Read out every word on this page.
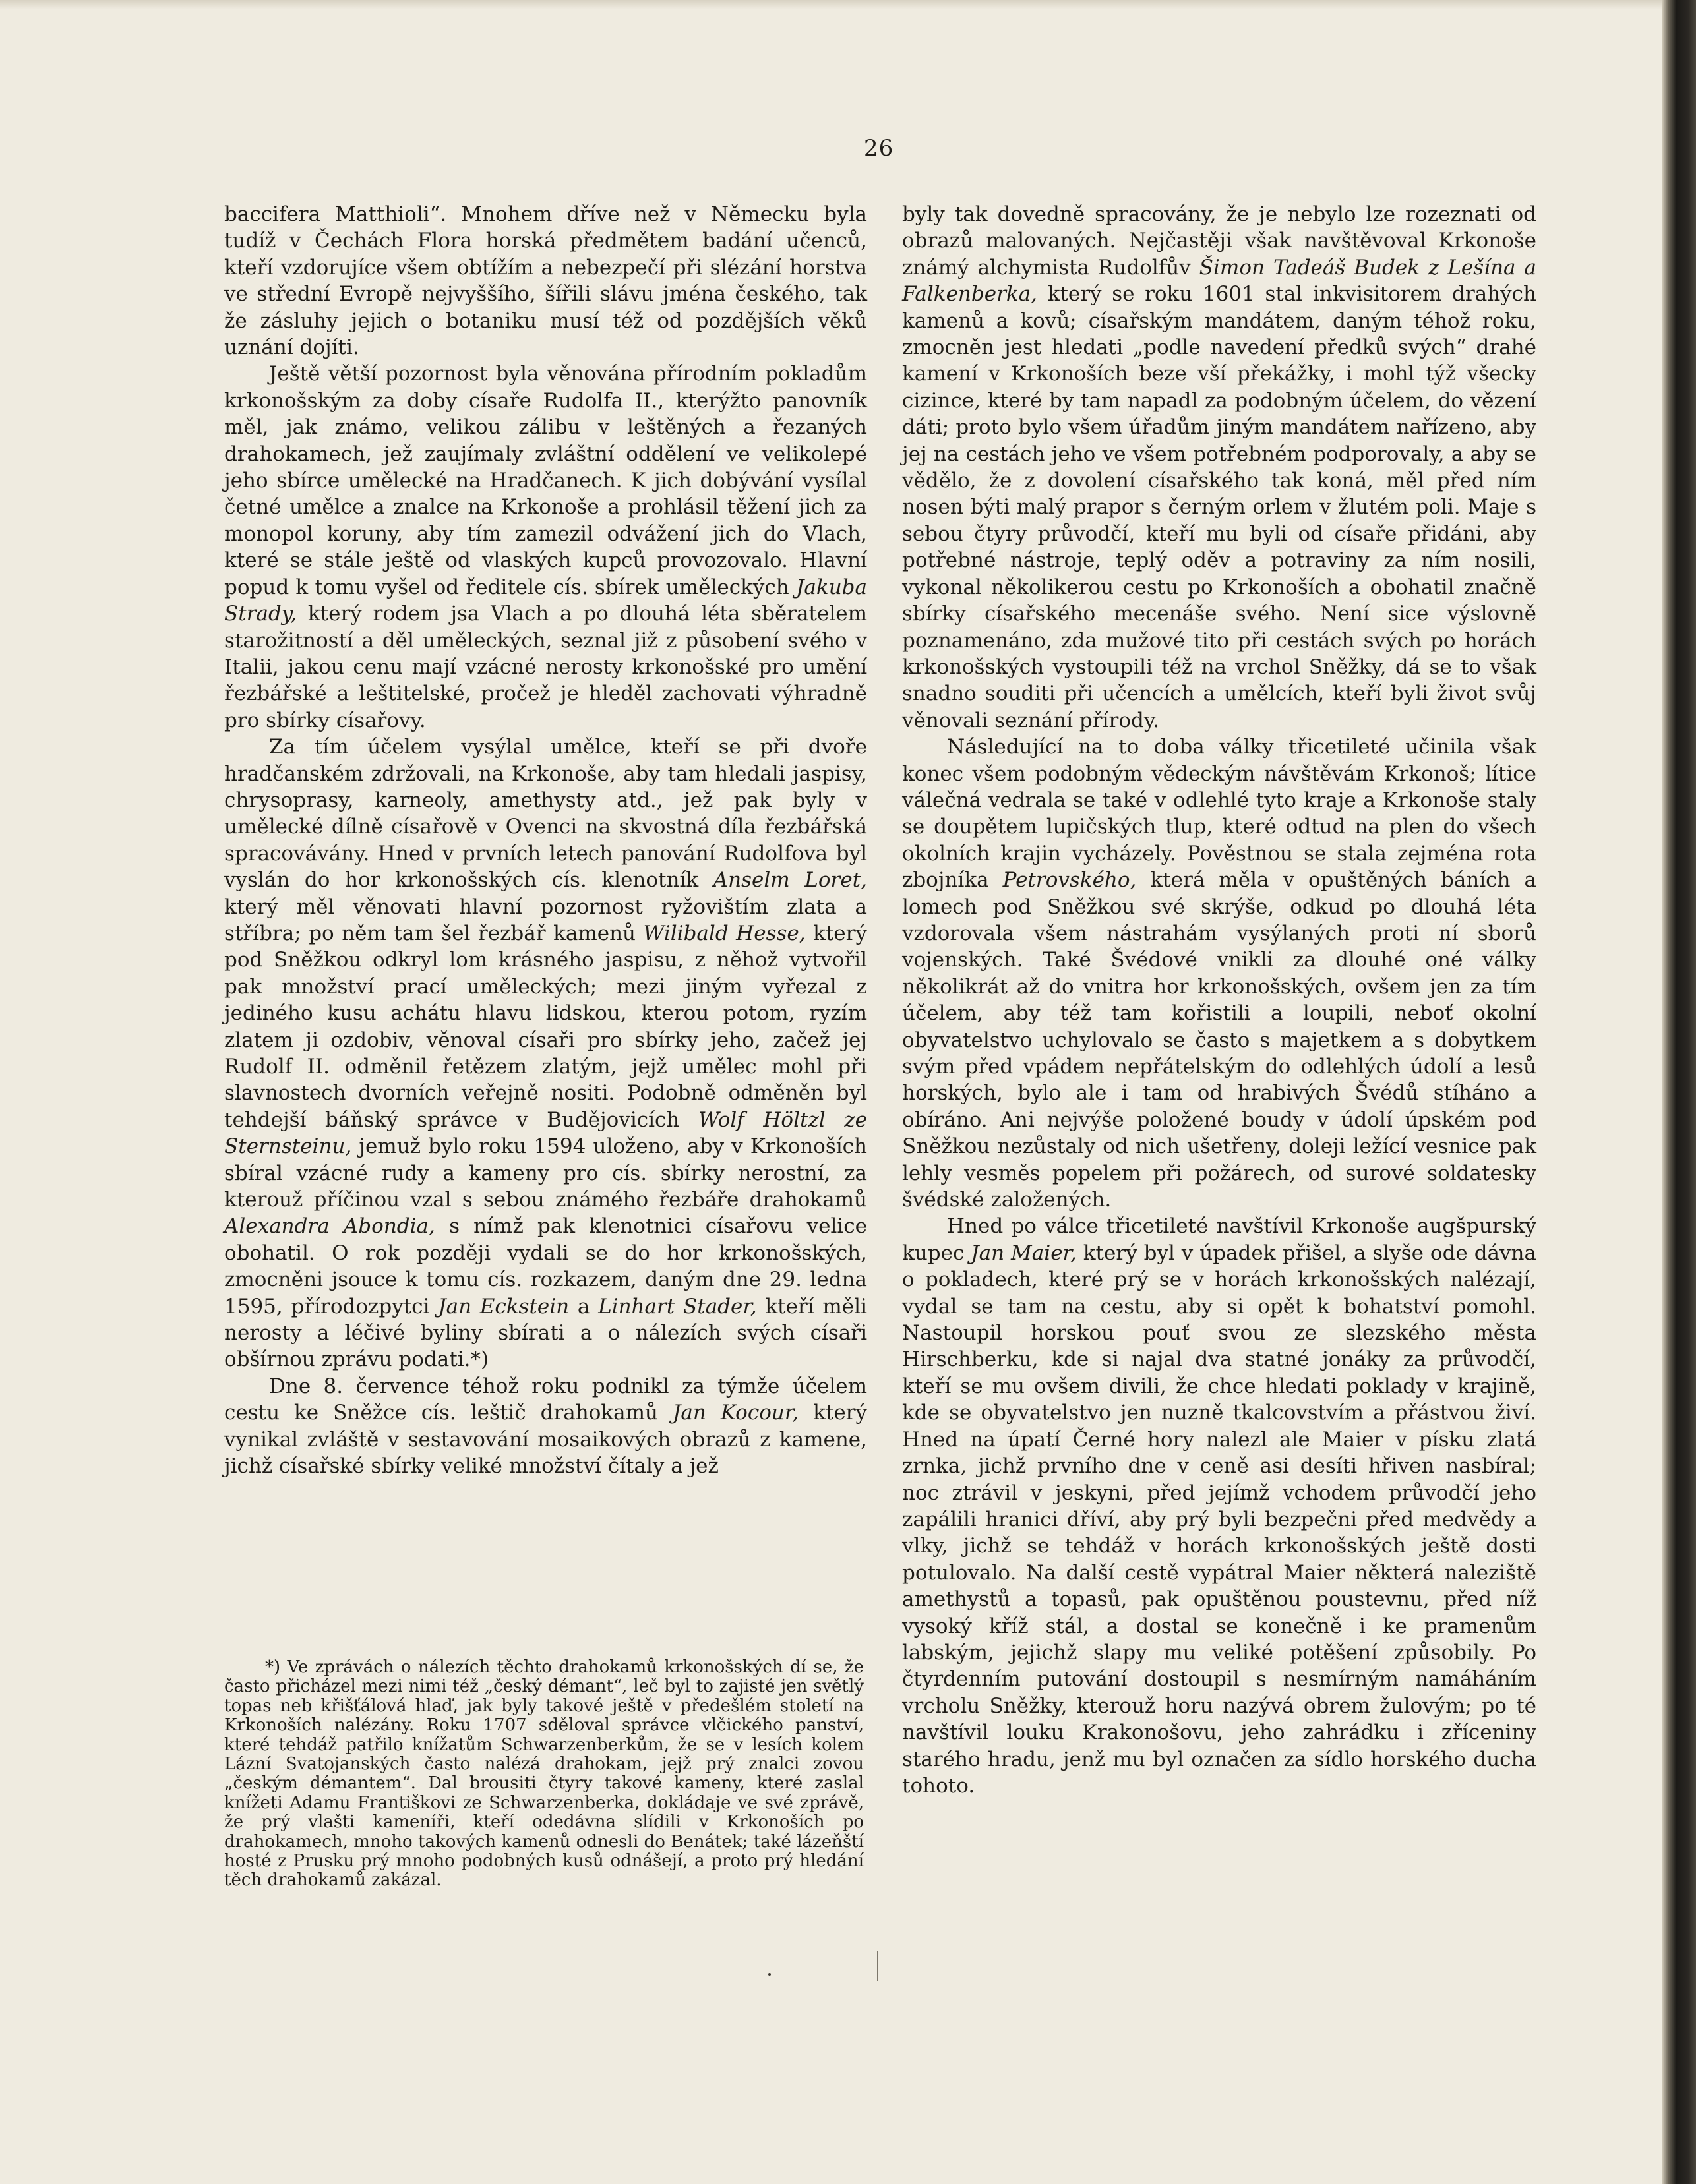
26

baccifera Matthioli“. Mnohem dříve než v Německu byla tudíž v Čechách Flora horská předmětem badání učenců, kteří vzdorujíce všem obtížím a nebezpečí při slézání horstva ve střední Evropě nejvyššího, šířili slávu jména českého, tak že zásluhy jejich o botaniku musí též od pozdějších věků uznání dojíti.

Ještě větší pozornost byla věnována přírodním pokladům krkonošským za doby císaře Rudolfa II., kterýžto panovník měl, jak známo, velikou zálibu v leštěných a řezaných drahokamech, jež zaujímaly zvláštní oddělení ve velikolepé jeho sbírce umělecké na Hradčanech. K jich dobývání vysílal četné umělce a znalce na Krkonoše a prohlásil těžení jich za monopol koruny, aby tím zamezil odvážení jich do Vlach, které se stále ještě od vlaských kupců provozovalo. Hlavní popud k tomu vyšel od ředitele cís. sbírek uměleckých Jakuba Strady, který rodem jsa Vlach a po dlouhá léta sběratelem starožitností a děl uměleckých, seznal již z působení svého v Italii, jakou cenu mají vzácné nerosty krkonošské pro umění řezbářské a leštitelské, pročež je hleděl zachovati výhradně pro sbírky císařovy.

Za tím účelem vysýlal umělce, kteří se při dvoře hradčanském zdržovali, na Krkonoše, aby tam hledali jaspisy, chrysoprasy, karneoly, amethysty atd., jež pak byly v umělecké dílně císařově v Ovenci na skvostná díla řezbářská spracovávány. Hned v prvních letech panování Rudolfova byl vyslán do hor krkonošských cís. klenotník Anselm Loret, který měl věnovati hlavní pozornost ryžovištím zlata a stříbra; po něm tam šel řezbář kamenů Wilibald Hesse, který pod Sněžkou odkryl lom krásného jaspisu, z něhož vytvořil pak množství prací uměleckých; mezi jiným vyřezal z jediného kusu achátu hlavu lidskou, kterou potom, ryzím zlatem ji ozdobiv, věnoval císaři pro sbírky jeho, začež jej Rudolf II. odměnil řetězem zlatým, jejž umělec mohl při slavnostech dvorních veřejně nositi. Podobně odměněn byl tehdejší báňský správce v Budějovicích Wolf Höltzl ze Sternsteinu, jemuž bylo roku 1594 uloženo, aby v Krkonoších sbíral vzácné rudy a kameny pro cís. sbírky nerostní, za kterouž příčinou vzal s sebou známého řezbáře drahokamů Alexandra Abondia, s nímž pak klenotnici císařovu velice obohatil. O rok později vydali se do hor krkonošských, zmocněni jsouce k tomu cís. rozkazem, daným dne 29. ledna 1595, přírodozpytci Jan Eckstein a Linhart Stader, kteří měli nerosty a léčivé byliny sbírati a o nálezích svých císaři obšírnou zprávu podati.*)

Dne 8. července téhož roku podnikl za týmže účelem cestu ke Sněžce cís. leštič drahokamů Jan Kocour, který vynikal zvláště v sestavování mosaikových obrazů z kamene, jichž císařské sbírky veliké množství čítaly a jež

byly tak dovedně spracovány, že je nebylo lze rozeznati od obrazů malovaných. Nejčastěji však navštěvoval Krkonoše známý alchymista Rudolfův Šimon Tadeáš Budek z Lešína a Falkenberka, který se roku 1601 stal inkvisitorem drahých kamenů a kovů; císařským mandátem, daným téhož roku, zmocněn jest hledati „podle navedení předků svých“ drahé kamení v Krkonoších beze vší překážky, i mohl týž všecky cizince, které by tam napadl za podobným účelem, do vězení dáti; proto bylo všem úřadům jiným mandátem nařízeno, aby jej na cestách jeho ve všem potřebném podporovaly, a aby se vědělo, že z dovolení císařského tak koná, měl před ním nosen býti malý prapor s černým orlem v žlutém poli. Maje s sebou čtyry průvodčí, kteří mu byli od císaře přidáni, aby potřebné nástroje, teplý oděv a potraviny za ním nosili, vykonal několikerou cestu po Krkonoších a obohatil značně sbírky císařského mecenáše svého. Není sice výslovně poznamenáno, zda mužové tito při cestách svých po horách krkonošských vystoupili též na vrchol Sněžky, dá se to však snadno souditi při učencích a umělcích, kteří byli život svůj věnovali seznání přírody.

Následující na to doba války třicetileté učinila však konec všem podobným vědeckým návštěvám Krkonoš; lítice válečná vedrala se také v odlehlé tyto kraje a Krkonoše staly se doupětem lupičských tlup, které odtud na plen do všech okolních krajin vycházely. Pověstnou se stala zejména rota zbojníka Petrovského, která měla v opuštěných báních a lomech pod Sněžkou své skrýše, odkud po dlouhá léta vzdorovala všem nástrahám vysýlaných proti ní sborů vojenských. Také Švédové vnikli za dlouhé oné války několikrát až do vnitra hor krkonošských, ovšem jen za tím účelem, aby též tam kořistili a loupili, neboť okolní obyvatelstvo uchylovalo se často s majetkem a s dobytkem svým před vpádem nepřátelským do odlehlých údolí a lesů horských, bylo ale i tam od hrabivých Švédů stíháno a obíráno. Ani nejvýše položené boudy v údolí úpském pod Sněžkou nezůstaly od nich ušetřeny, doleji ležící vesnice pak lehly vesměs popelem při požárech, od surové soldatesky švédské založených.

Hned po válce třicetileté navštívil Krkonoše augšpurský kupec Jan Maier, který byl v úpadek přišel, a slyše ode dávna o pokladech, které prý se v horách krkonošských nalézají, vydal se tam na cestu, aby si opět k bohatství pomohl. Nastoupil horskou pouť svou ze slezského města Hirschberku, kde si najal dva statné jonáky za průvodčí, kteří se mu ovšem divili, že chce hledati poklady v krajině, kde se obyvatelstvo jen nuzně tkalcovstvím a přástvou živí. Hned na úpatí Černé hory nalezl ale Maier v písku zlatá zrnka, jichž prvního dne v ceně asi desíti hřiven nasbíral; noc ztrávil v jeskyni, před jejímž vchodem průvodčí jeho zapálili hranici dříví, aby prý byli bezpečni před medvědy a vlky, jichž se tehdáž v horách krkonošských ještě dosti potulovalo. Na další cestě vypátral Maier některá naleziště amethystů a topasů, pak opuštěnou poustevnu, před níž vysoký kříž stál, a dostal se konečně i ke pramenům labským, jejichž slapy mu veliké potěšení způsobily. Po čtyrdenním putování dostoupil s nesmírným namáháním vrcholu Sněžky, kterouž horu nazývá obrem žulovým; po té navštívil louku Krakonošovu, jeho zahrádku i zříceniny starého hradu, jenž mu byl označen za sídlo horského ducha tohoto.

*) Ve zprávách o nálezích těchto drahokamů krkonošských dí se, že často přicházel mezi nimi též „český démant“, leč byl to zajisté jen světlý topas neb křišťálová hlaď, jak byly takové ještě v předešlém století na Krkonoších nalézány. Roku 1707 sděloval správce vlčického panství, které tehdáž patřilo knížatům Schwarzenberkům, že se v lesích kolem Lázní Svatojanských často nalézá drahokam, jejž prý znalci zovou „českým démantem“. Dal brousiti čtyry takové kameny, které zaslal knížeti Adamu Františkovi ze Schwarzenberka, dokládaje ve své zprávě, že prý vlašti kameníři, kteří odedávna slídili v Krkonoších po drahokamech, mnoho takových kamenů odnesli do Benátek; také lázeňští hosté z Prusku prý mnoho podobných kusů odnášejí, a proto prý hledání těch drahokamů zakázal.
